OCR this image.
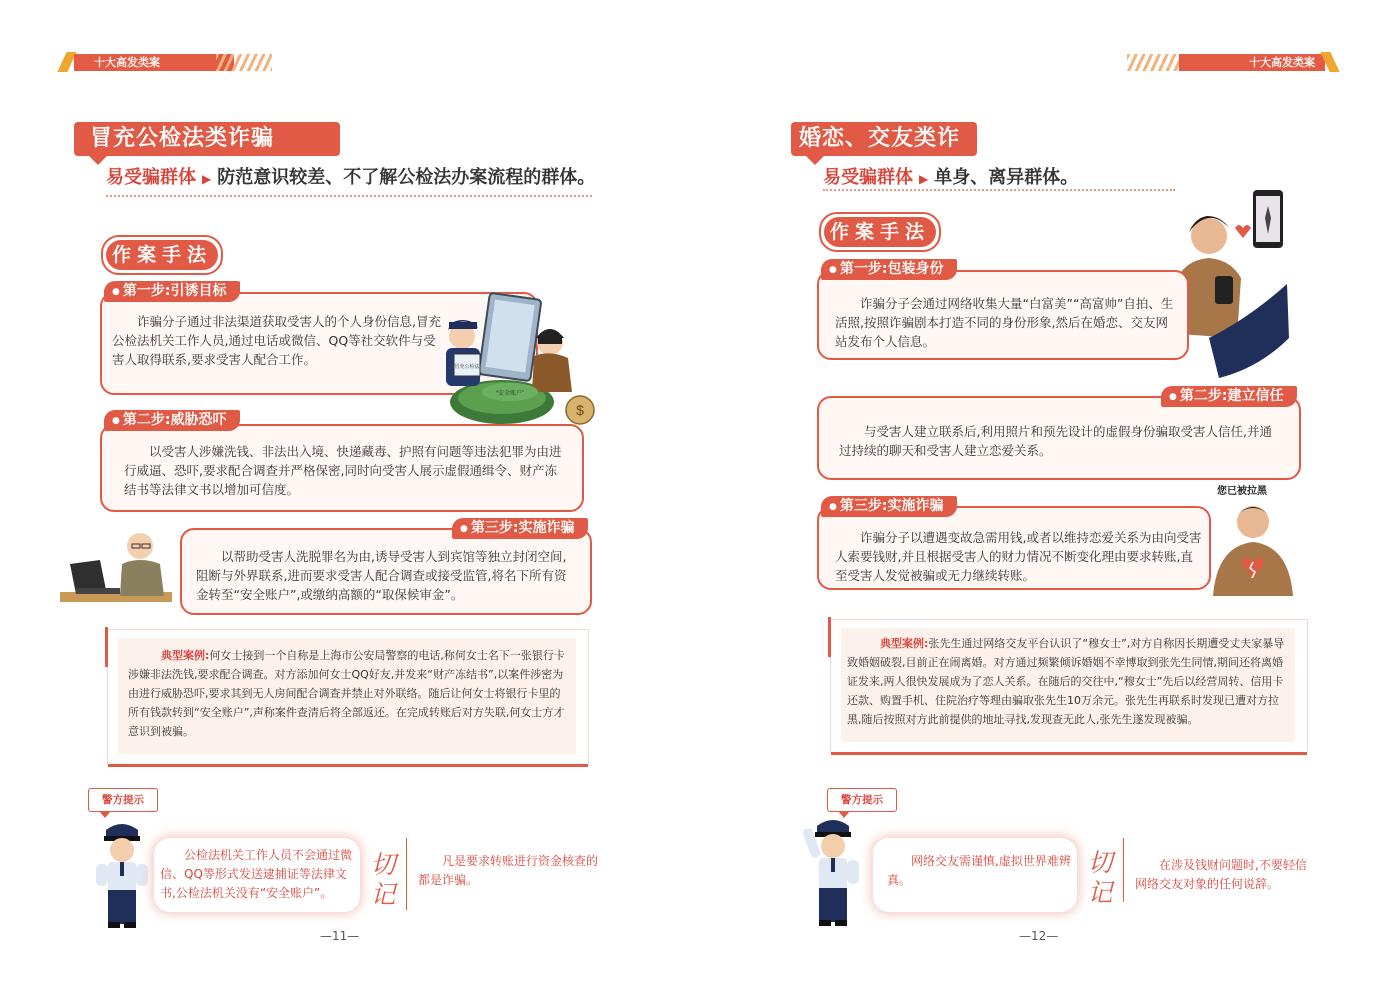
十大高发类案
冒充公检法类诈骗
易受骗群体 ▶ 防范意识较差、不了解公检法办案流程的群体。
作案手法

诈骗分子通过非法渠道获取受害人的个人身份信息,冒充公检法机关工作人员,通过电话或微信、QQ等社交软件与受害人取得联系,要求受害人配合工作。

● 第一步:引诱目标
冒充公检法
“安全账户”
$

以受害人涉嫌洗钱、非法出入境、快递藏毒、护照有问题等违法犯罪为由进行威逼、恐吓,要求配合调查并严格保密,同时向受害人展示虚假通缉令、财产冻结书等法律文书以增加可信度。

● 第二步:威胁恐吓

以帮助受害人洗脱罪名为由,诱导受害人到宾馆等独立封闭空间,阻断与外界联系,进而要求受害人配合调查或接受监管,将名下所有资金转至“安全账户”,或缴纳高额的“取保候审金”。

● 第三步:实施诈骗

典型案例:何女士接到一个自称是上海市公安局警察的电话,称何女士名下一张银行卡涉嫌非法洗钱,要求配合调查。对方添加何女士QQ好友,并发来“财产冻结书”,以案件涉密为由进行威胁恐吓,要求其到无人房间配合调查并禁止对外联络。随后让何女士将银行卡里的所有钱款转到“安全账户”,声称案件查清后将全部返还。在完成转账后对方失联,何女士方才意识到被骗。

警方提示

公检法机关工作人员不会通过微信、QQ等形式发送逮捕证等法律文书,公检法机关没有“安全账户”。

切
记

凡是要求转账进行资金核查的都是诈骗。

—11—
十大高发类案
婚恋、交友类诈骗 易受骗群体 ▶ 单身、离异群体。
作案手法

诈骗分子会通过网络收集大量“白富美”“高富帅”自拍、生活照,按照诈骗剧本打造不同的身份形象,然后在婚恋、交友网站发布个人信息。

● 第一步:包装身份

与受害人建立联系后,利用照片和预先设计的虚假身份骗取受害人信任,并通过持续的聊天和受害人建立恋爱关系。

● 第二步:建立信任
您已被拉黑

诈骗分子以遭遇变故急需用钱,或者以维持恋爱关系为由向受害人索要钱财,并且根据受害人的财力情况不断变化理由要求转账,直至受害人发觉被骗或无力继续转账。

● 第三步:实施诈骗

典型案例:张先生通过网络交友平台认识了“穆女士”,对方自称因长期遭受丈夫家暴导致婚姻破裂,目前正在闹离婚。对方通过频繁倾诉婚姻不幸博取到张先生同情,期间还将离婚证发来,两人很快发展成为了恋人关系。在随后的交往中,“穆女士”先后以经营周转、信用卡还款、购置手机、住院治疗等理由骗取张先生10万余元。张先生再联系时发现已遭对方拉黑,随后按照对方此前提供的地址寻找,发现查无此人,张先生遂发现被骗。

警方提示

网络交友需谨慎,虚拟世界难辨真。

切
记

在涉及钱财问题时,不要轻信网络交友对象的任何说辞。

—12—
